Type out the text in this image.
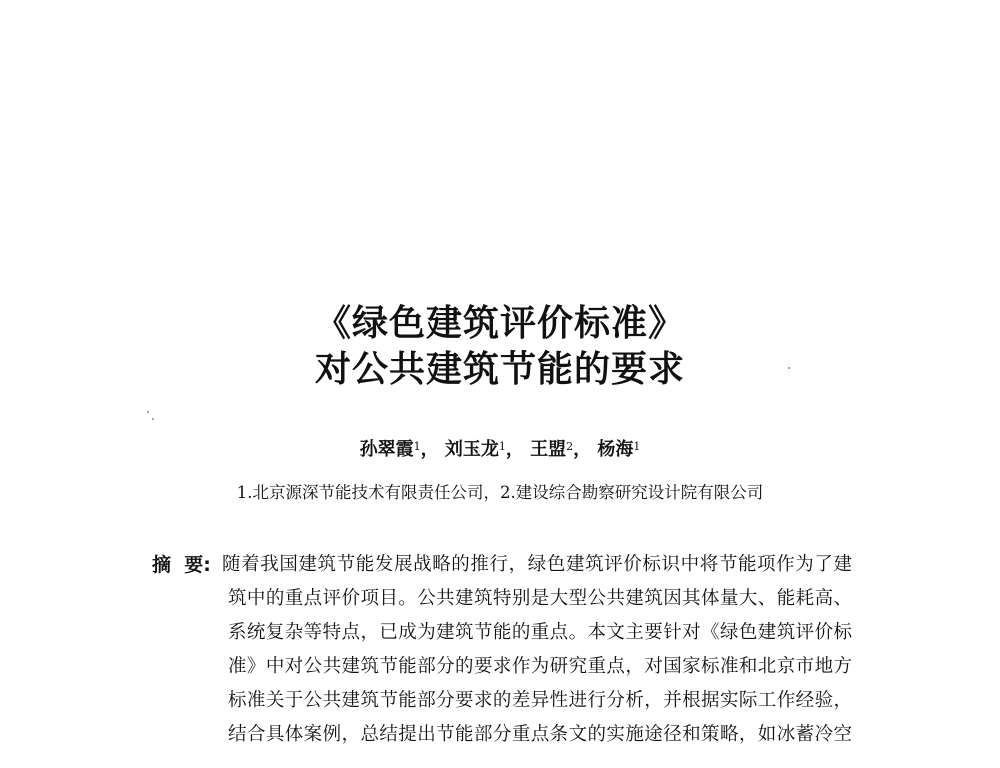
《绿色建筑评价标准》
对公共建筑节能的要求
孙翠霞$^1$， 刘玉龙$^1$， 王盟$^2$， 杨海$^1$
1.北京源深节能技术有限责任公司，2.建设综合勘察研究设计院有限公司
摘  要: 随着我国建筑节能发展战略的推行，绿色建筑评价标识中将节能项作为了建
筑中的重点评价项目。公共建筑特别是大型公共建筑因其体量大、能耗高、
系统复杂等特点，已成为建筑节能的重点。本文主要针对《绿色建筑评价标
准》中对公共建筑节能部分的要求作为研究重点，对国家标准和北京市地方
标准关于公共建筑节能部分要求的差异性进行分析，并根据实际工作经验，
结合具体案例，总结提出节能部分重点条文的实施途径和策略，如冰蓄冷空
